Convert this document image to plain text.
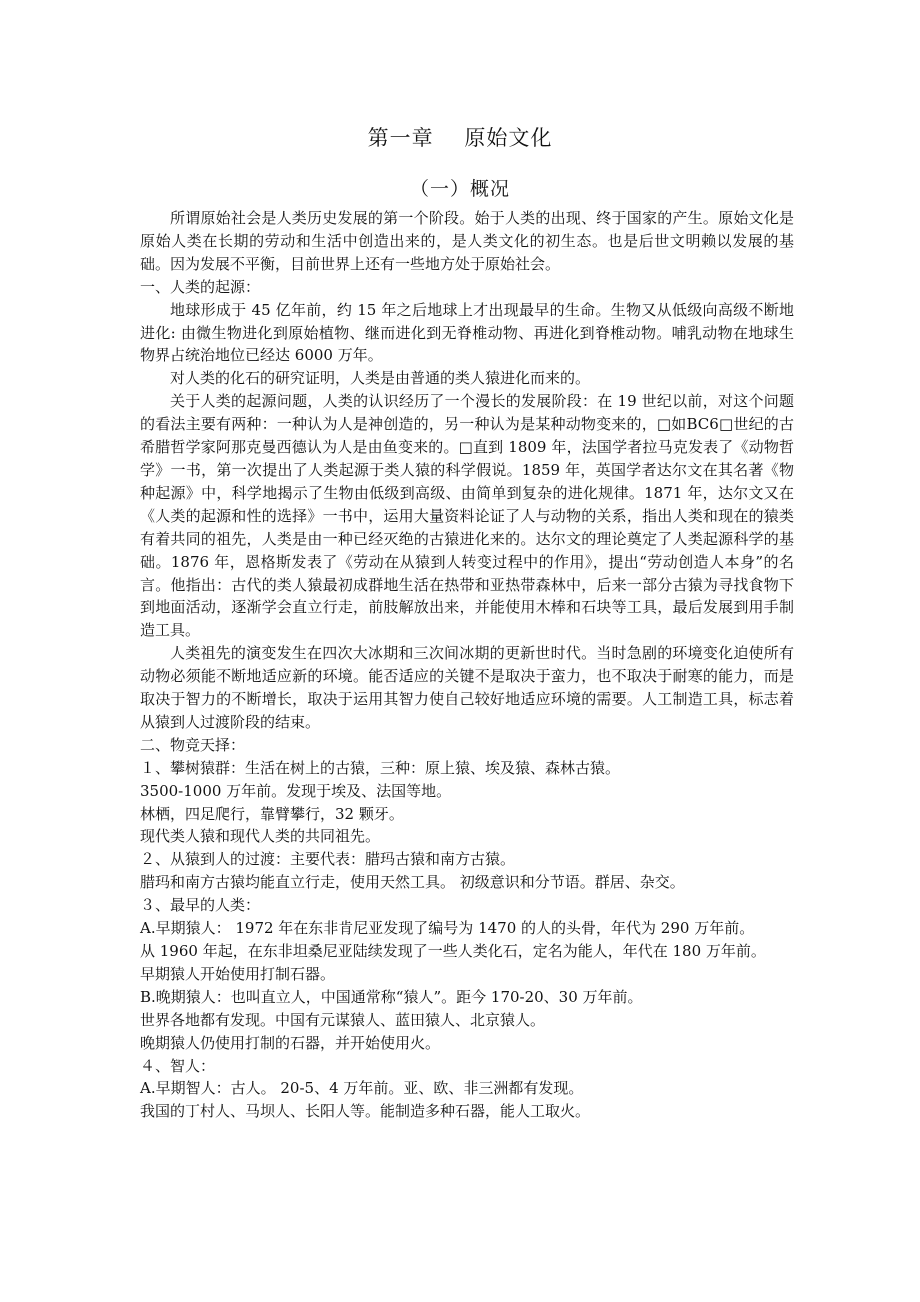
第一章    原始文化
（一）概况

所谓原始社会是人类历史发展的第一个阶段。始于人类的出现、终于国家的产生。原始文化是原始人类在长期的劳动和生活中创造出来的，是人类文化的初生态。也是后世文明赖以发展的基础。因为发展不平衡，目前世界上还有一些地方处于原始社会。

一、人类的起源：

地球形成于 45 亿年前，约 15 年之后地球上才出现最早的生命。生物又从低级向高级不断地进化: 由微生物进化到原始植物、继而进化到无脊椎动物、再进化到脊椎动物。哺乳动物在地球生物界占统治地位已经达 6000 万年。

对人类的化石的研究证明，人类是由普通的类人猿进化而来的。

关于人类的起源问题，人类的认识经历了一个漫长的发展阶段：在 19 世纪以前，对这个问题的看法主要有两种：一种认为人是神创造的，另一种认为是某种动物变来的，□如BC6□世纪的古希腊哲学家阿那克曼西德认为人是由鱼变来的。□直到 1809 年，法国学者拉马克发表了《动物哲学》一书，第一次提出了人类起源于类人猿的科学假说。1859 年，英国学者达尔文在其名著《物种起源》中，科学地揭示了生物由低级到高级、由简单到复杂的进化规律。1871 年，达尔文又在《人类的起源和性的选择》一书中，运用大量资料论证了人与动物的关系，指出人类和现在的猿类有着共同的祖先，人类是由一种已经灭绝的古猿进化来的。达尔文的理论奠定了人类起源科学的基础。1876 年，恩格斯发表了《劳动在从猿到人转变过程中的作用》，提出“劳动创造人本身”的名言。他指出：古代的类人猿最初成群地生活在热带和亚热带森林中，后来一部分古猿为寻找食物下到地面活动，逐渐学会直立行走，前肢解放出来，并能使用木棒和石块等工具，最后发展到用手制造工具。

人类祖先的演变发生在四次大冰期和三次间冰期的更新世时代。当时急剧的环境变化迫使所有动物必须能不断地适应新的环境。能否适应的关键不是取决于蛮力，也不取决于耐寒的能力，而是取决于智力的不断增长，取决于运用其智力使自己较好地适应环境的需要。人工制造工具，标志着从猿到人过渡阶段的结束。

二、物竞天择：

１、攀树猿群：生活在树上的古猿，三种：原上猿、埃及猿、森林古猿。

3500-1000 万年前。发现于埃及、法国等地。

林栖，四足爬行，靠臂攀行，32 颗牙。

现代类人猿和现代人类的共同祖先。

２、从猿到人的过渡：主要代表：腊玛古猿和南方古猿。

腊玛和南方古猿均能直立行走，使用天然工具。 初级意识和分节语。群居、杂交。

３、最早的人类：

A.早期猿人： 1972 年在东非肯尼亚发现了编号为 1470 的人的头骨，年代为 290 万年前。

从 1960 年起，在东非坦桑尼亚陆续发现了一些人类化石，定名为能人，年代在 180 万年前。

早期猿人开始使用打制石器。

B.晚期猿人：也叫直立人，中国通常称“猿人”。距今 170-20、30 万年前。

世界各地都有发现。中国有元谋猿人、蓝田猿人、北京猿人。

晚期猿人仍使用打制的石器，并开始使用火。

４、智人：

A.早期智人：古人。 20-5、4 万年前。亚、欧、非三洲都有发现。

我国的丁村人、马坝人、长阳人等。能制造多种石器，能人工取火。
